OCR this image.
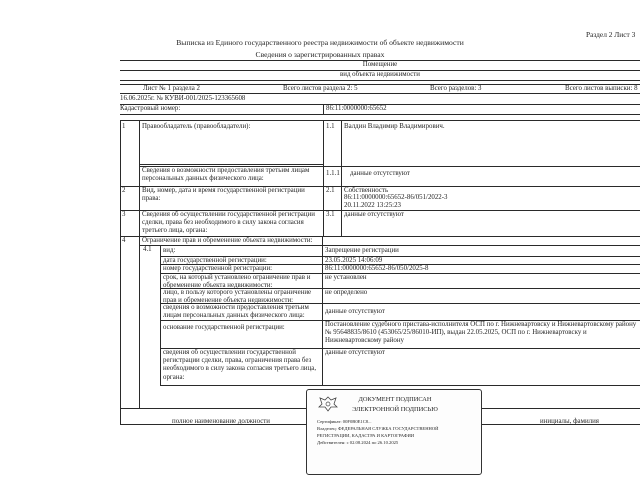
Раздел 2 Лист 3
Выписка из Единого государственного реестра недвижимости об объекте недвижимости
Сведения о зарегистрированных правах
Помещение
вид объекта недвижимости
Лист № 1 раздела 2	Всего листов раздела 2: 5	Всего разделов: 3	Всего листов выписки: 8
16.06.2025г. № КУВИ-001/2025-123365608
Кадастровый номер:	86:11:0000000:65652
1 Правообладатель (правообладатели):	1.1 Валдин Владимир Владимирович.
Сведения о возможности предоставления третьим лицам персональных данных физического лица:
1.1.1 данные отсутствуют
2 Вид, номер, дата и время государственной регистрации права:
2.1 Собственность
86:11:0000000:65652-86/051/2022-3
20.11.2022 13:25:23
3 Сведения об осуществлении государственной регистрации сделки, права без необходимого в силу закона согласия третьего лица, органа:
3.1 данные отсутствуют
4 Ограничение прав и обременение объекта недвижимости:
4.1 вид:	Запрещение регистрации
дата государственной регистрации:	23.05.2025 14:06:09
номер государственной регистрации:	86:11:0000000:65652-86/050/2025-8
срок, на который установлено ограничение прав и обременение объекта недвижимости:
не установлен
лицо, в пользу которого установлены ограничение прав и обременение объекта недвижимости:
не определено
сведения о возможности предоставления третьим лицам персональных данных физического лица:
данные отсутствуют
основание государственной регистрации:	Постановление судебного пристава-исполнителя ОСП по г. Нижневартовску и Нижневартовскому району № 95648835/8610 (453065/25/86010-ИП), выдан 22.05.2025, ОСП по г. Нижневартовску и Нижневартовскому району
сведения об осуществлении государственной регистрации сделки, права, ограничения права без необходимого в силу закона согласия третьего лица, органа:
данные отсутствуют
полное наименование должности	инициалы, фамилия
ДОКУМЕНТ ПОДПИСАН
ЭЛЕКТРОННОЙ ПОДПИСЬЮ
Сертификат: 00F0B0E1C8...
Владелец: ФЕДЕРАЛЬНАЯ СЛУЖБА ГОСУДАРСТВЕННОЙ
РЕГИСТРАЦИИ, КАДАСТРА И КАРТОГРАФИИ
Действителен: с 02.08.2024 по 26.10.2025
